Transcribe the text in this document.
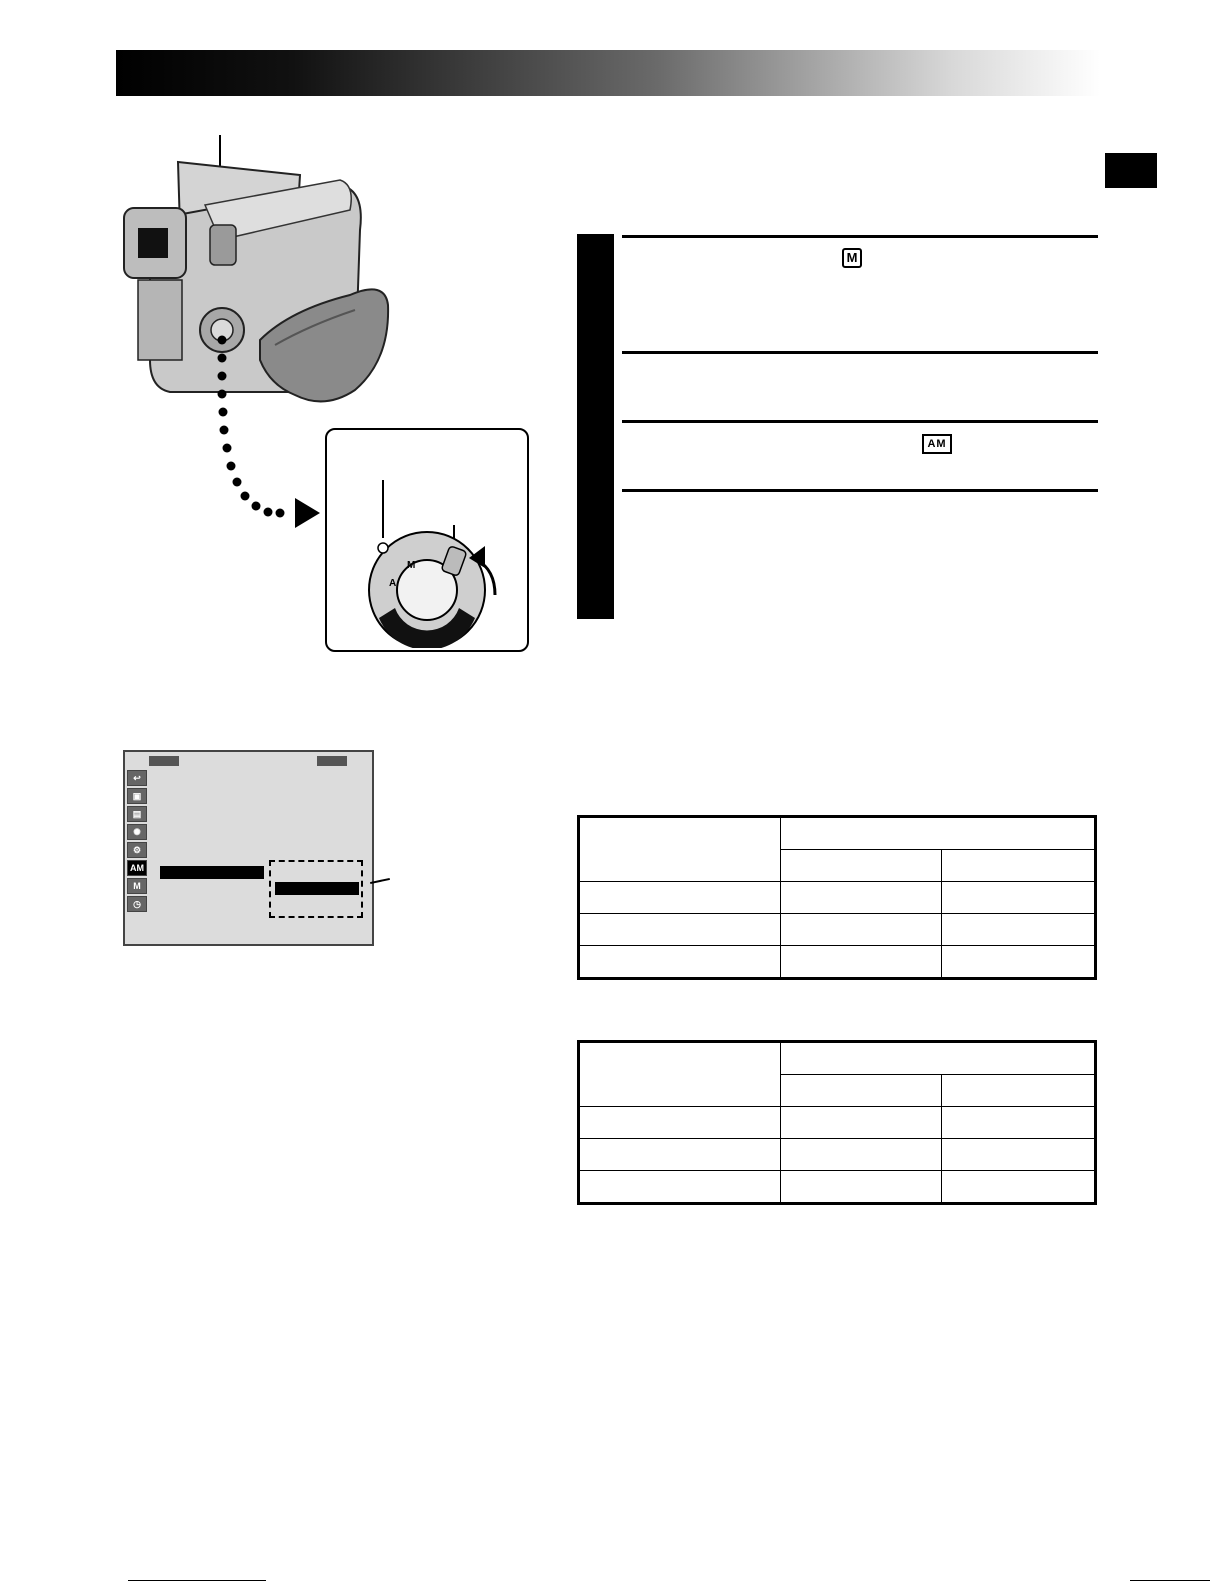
A
M
M
AM
↩
▣
▤
✺
⚙
AM
M
◷
